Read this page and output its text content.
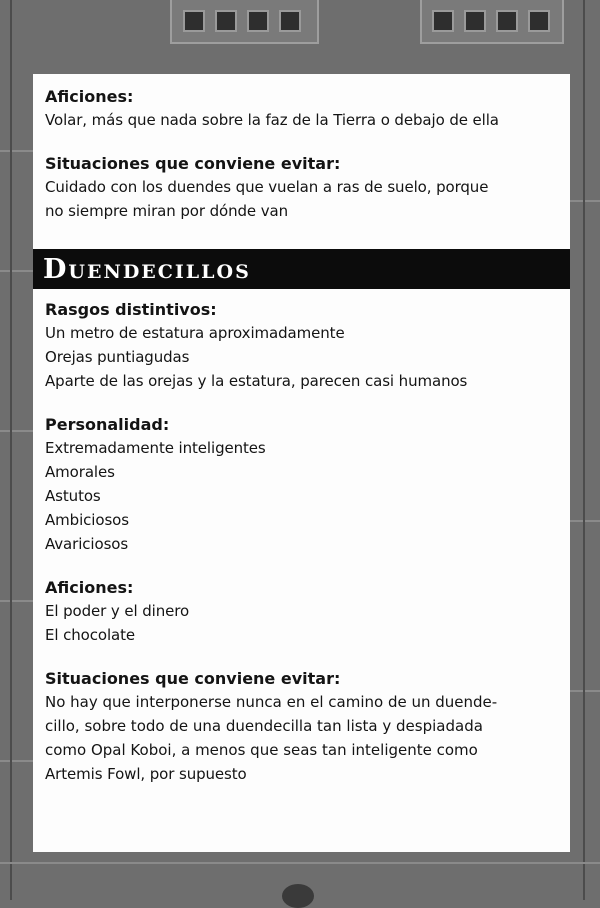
Aficiones:

Volar, más que nada sobre la faz de la Tierra o debajo de ella

Situaciones que conviene evitar:

Cuidado con los duendes que vuelan a ras de suelo, porque

no siempre miran por dónde van

Duendecillos

Rasgos distintivos:

Un metro de estatura aproximadamente

Orejas puntiagudas

Aparte de las orejas y la estatura, parecen casi humanos

Personalidad:

Extremadamente inteligentes

Amorales

Astutos

Ambiciosos

Avariciosos

Aficiones:

El poder y el dinero

El chocolate

Situaciones que conviene evitar:

No hay que interponerse nunca en el camino de un duende-

cillo, sobre todo de una duendecilla tan lista y despiadada

como Opal Koboi, a menos que seas tan inteligente como

Artemis Fowl, por supuesto
